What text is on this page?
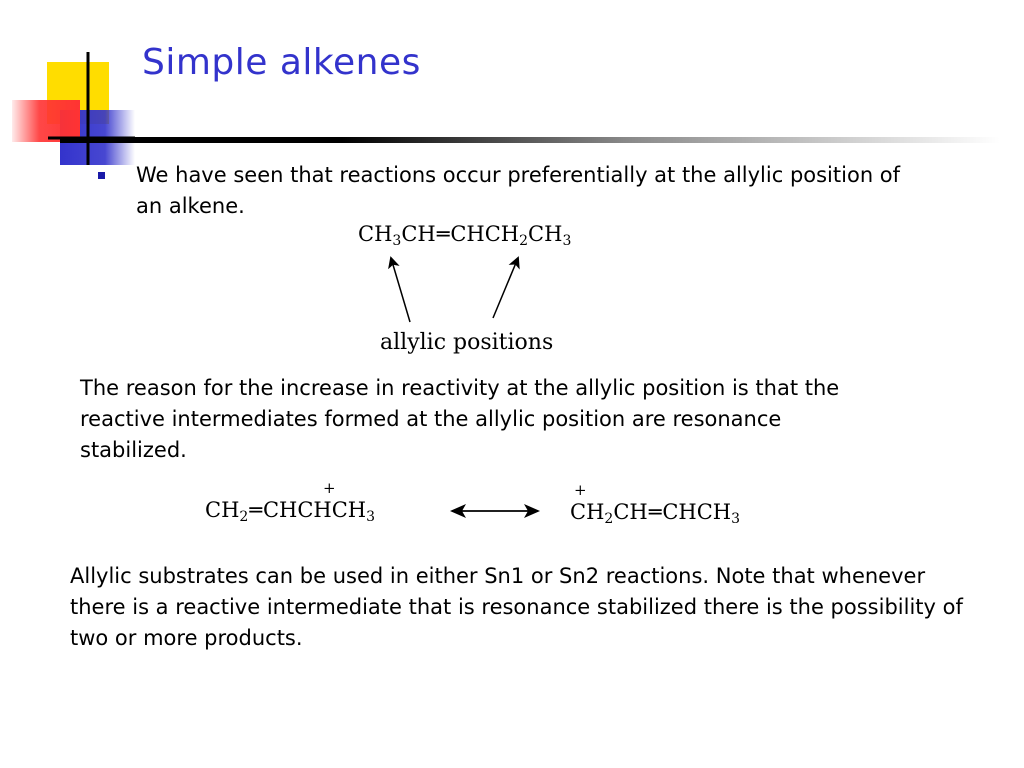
Simple alkenes
We have seen that reactions occur preferentially at the allylic position of an alkene.
$CH_3CH═CHCH_2CH_3$
allylic positions
The reason for the increase in reactivity at the allylic position is that the reactive intermediates formed at the allylic position are resonance stabilized.
+
$CH_2═CHCHCH_3$
+
$CH_2CH═CHCH_3$
Allylic substrates can be used in either Sn1 or Sn2 reactions. Note that whenever there is a reactive intermediate that is resonance stabilized there is the possibility of two or more products.
